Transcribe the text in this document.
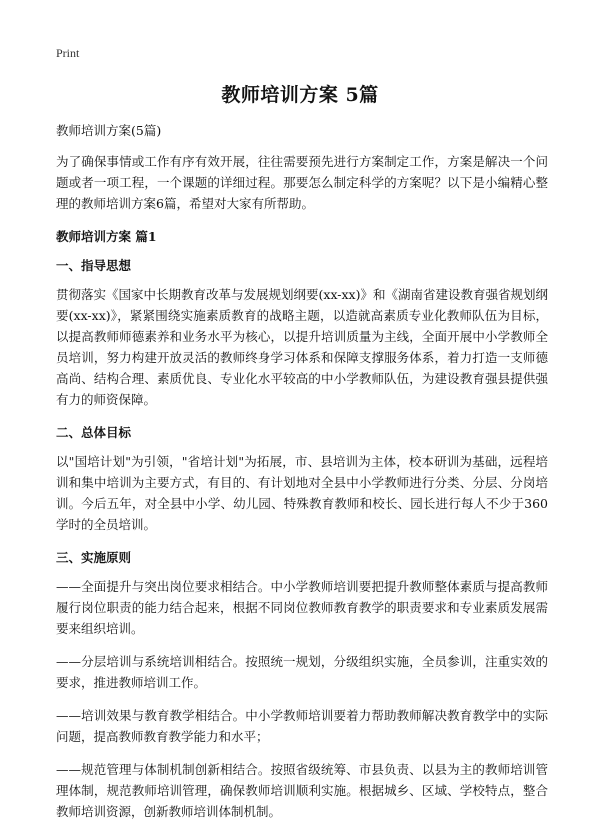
Print
教师培训方案 5篇

教师培训方案(5篇)

为了确保事情或工作有序有效开展，往往需要预先进行方案制定工作，方案是解决一个问题或者一项工程，一个课题的详细过程。那要怎么制定科学的方案呢？以下是小编精心整理的教师培训方案6篇，希望对大家有所帮助。

教师培训方案 篇1

一、指导思想

贯彻落实《国家中长期教育改革与发展规划纲要(xx-xx)》和《湖南省建设教育强省规划纲要(xx-xx)》，紧紧围绕实施素质教育的战略主题，以造就高素质专业化教师队伍为目标，以提高教师师德素养和业务水平为核心，以提升培训质量为主线，全面开展中小学教师全员培训，努力构建开放灵活的教师终身学习体系和保障支撑服务体系，着力打造一支师德高尚、结构合理、素质优良、专业化水平较高的中小学教师队伍，为建设教育强县提供强有力的师资保障。

二、总体目标

以"国培计划"为引领，"省培计划"为拓展，市、县培训为主体，校本研训为基础，远程培训和集中培训为主要方式，有目的、有计划地对全县中小学教师进行分类、分层、分岗培训。今后五年，对全县中小学、幼儿园、特殊教育教师和校长、园长进行每人不少于360学时的全员培训。

三、实施原则

——全面提升与突出岗位要求相结合。中小学教师培训要把提升教师整体素质与提高教师履行岗位职责的能力结合起来，根据不同岗位教师教育教学的职责要求和专业素质发展需要来组织培训。

——分层培训与系统培训相结合。按照统一规划，分级组织实施，全员参训，注重实效的要求，推进教师培训工作。

——培训效果与教育教学相结合。中小学教师培训要着力帮助教师解决教育教学中的实际问题，提高教师教育教学能力和水平；

——规范管理与体制机制创新相结合。按照省级统筹、市县负责、以县为主的教师培训管理体制，规范教师培训管理，确保教师培训顺利实施。根据城乡、区域、学校特点，整合教师培训资源，创新教师培训体制机制。
